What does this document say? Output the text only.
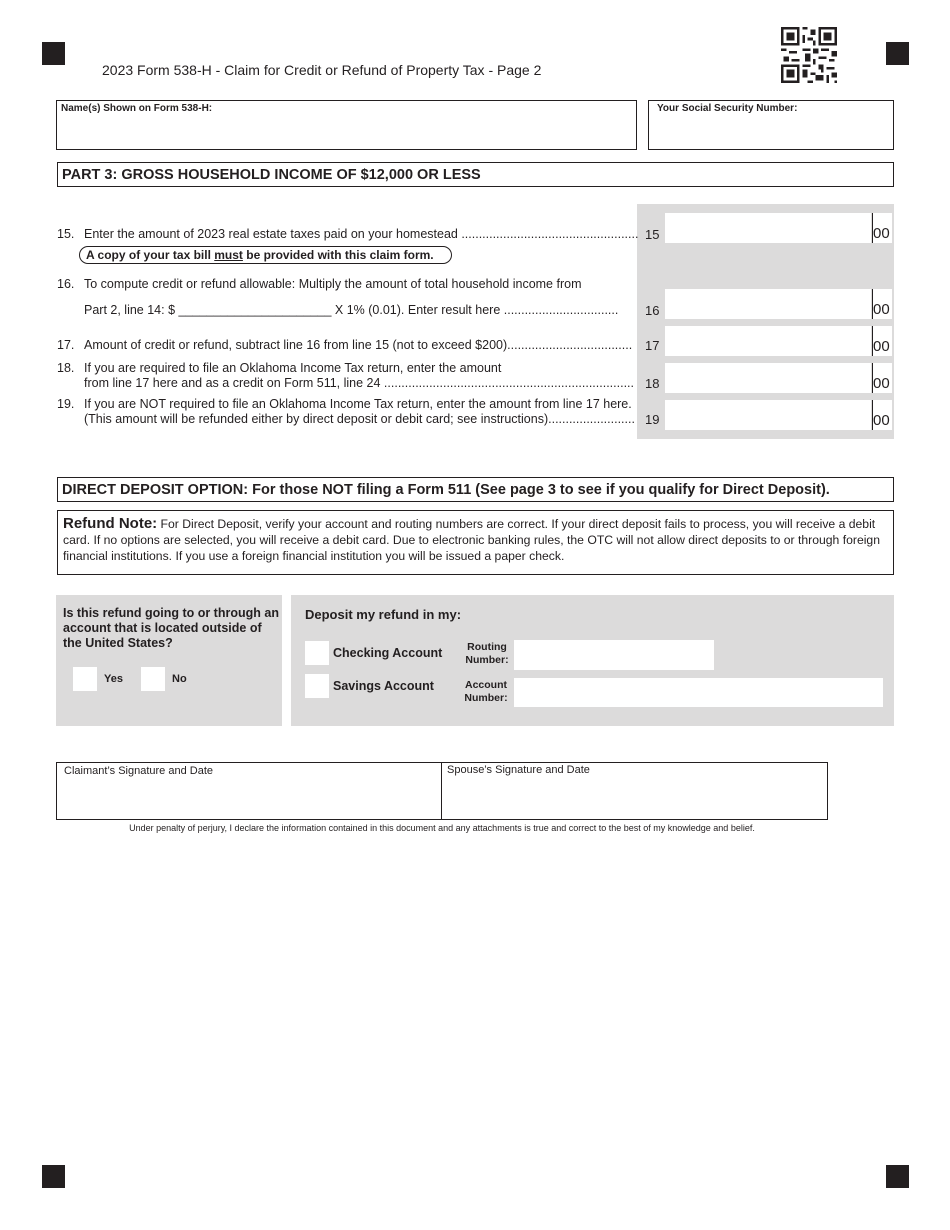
2023 Form 538-H - Claim for Credit or Refund of Property Tax - Page 2
Name(s) Shown on Form 538-H:	Your Social Security Number:
PART 3: GROSS HOUSEHOLD INCOME OF $12,000 OR LESS
15. Enter the amount of 2023 real estate taxes paid on your homestead ...................................................
A copy of your tax bill must be provided with this claim form.
15	00
16. To compute credit or refund allowable: Multiply the amount of total household income from
Part 2, line 14: $ ______________________ X 1% (0.01). Enter result here ................................. 16	00
17. Amount of credit or refund, subtract line 16 from line 15 (not to exceed $200).................................... 17	00
18. If you are required to file an Oklahoma Income Tax return, enter the amount
from line 17 here and as a credit on Form 511, line 24 ........................................................................ 18	00
19. If you are NOT required to file an Oklahoma Income Tax return, enter the amount from line 17 here.
(This amount will be refunded either by direct deposit or debit card; see instructions)......................... 19	00
DIRECT DEPOSIT OPTION: For those NOT filing a Form 511 (See page 3 to see if you qualify for Direct Deposit).
Refund Note: For Direct Deposit, verify your account and routing numbers are correct. If your direct deposit fails to process, you will receive a debit card. If no options are selected, you will receive a debit card. Due to electronic banking rules, the OTC will not allow direct deposits to or through foreign financial institutions. If you use a foreign financial institution you will be issued a paper check.
Is this refund going to or through an account that is located outside of the United States?
Yes	No
Deposit my refund in my:
Checking Account
Savings Account
Routing Number:
Account Number:
Claimant’s Signature and Date	Spouse’s Signature and Date
Under penalty of perjury, I declare the information contained in this document and any attachments is true and correct to the best of my knowledge and belief.
